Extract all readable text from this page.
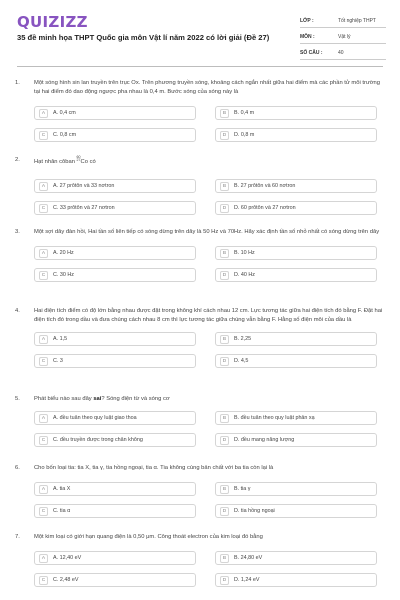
QUIZIZZ
35 đề minh họa THPT Quốc gia môn Vật lí năm 2022 có lời giải (Đề 27)
LỚP :	Tốt nghiệp THPT
MÔN :	Vật lý
SỐ CÂU :	40
1.	Một sóng hình sin lan truyền trên trục Ox. Trên phương truyền sóng, khoảng cách ngắn nhất giữa hai điểm mà các phần tử môi trường tại hai điểm đó dao động ngược pha nhau là 0,4 m. Bước sóng của sóng này là
A	A. 0,4 cm	B	B. 0,4 m
C	C. 0,8 cm	D	D. 0,8 m
2.	Hạt nhân côban 60
27Co có
A	A. 27 prôtôn và 33 nơtron	B	B. 27 prôtôn và 60 nơtron
C	C. 33 prôtôn và 27 nơtron	D	D. 60 prôtôn và 27 nơtron
3.	Một sợi dây đàn hồi, Hai tần số liên tiếp có sóng dừng trên dây là 50 Hz và 70Hz. Hãy xác định tần số nhỏ nhất có sóng dừng trên dây
A	A. 20 Hz	B	B. 10 Hz
C	C. 30 Hz	D	D. 40 Hz
4.	Hai điện tích điểm có độ lớn bằng nhau được đặt trong không khí cách nhau 12 cm. Lực tương tác giữa hai điện tích đó bằng F. Đặt hai điện tích đó trong dầu và đưa chúng cách nhau 8 cm thì lực tương tác giữa chúng vẫn bằng F. Hằng số điện môi của dầu là
A	A. 1,5	B	B. 2,25
C	C. 3	D	D. 4,5
5.	Phát biểu nào sau đây sai? Sóng điện từ và sóng cơ
A	A. đều tuân theo quy luật giao thoa	B	B. đều tuân theo quy luật phản xạ
C	C. đều truyền được trong chân không	D	D. đều mang năng lượng
6.	Cho bốn loại tia: tia X, tia γ, tia hồng ngoại, tia α. Tia không cùng bản chất với ba tia còn lại là
A	A. tia X	B	B. tia γ
C	C. tia α	D	D. tia hồng ngoại
7.	Một kim loại có giới hạn quang điện là 0,50 μm. Công thoát electron của kim loại đó bằng
A	A. 12,40 eV	B	B. 24,80 eV
C	C. 2,48 eV	D	D. 1,24 eV
